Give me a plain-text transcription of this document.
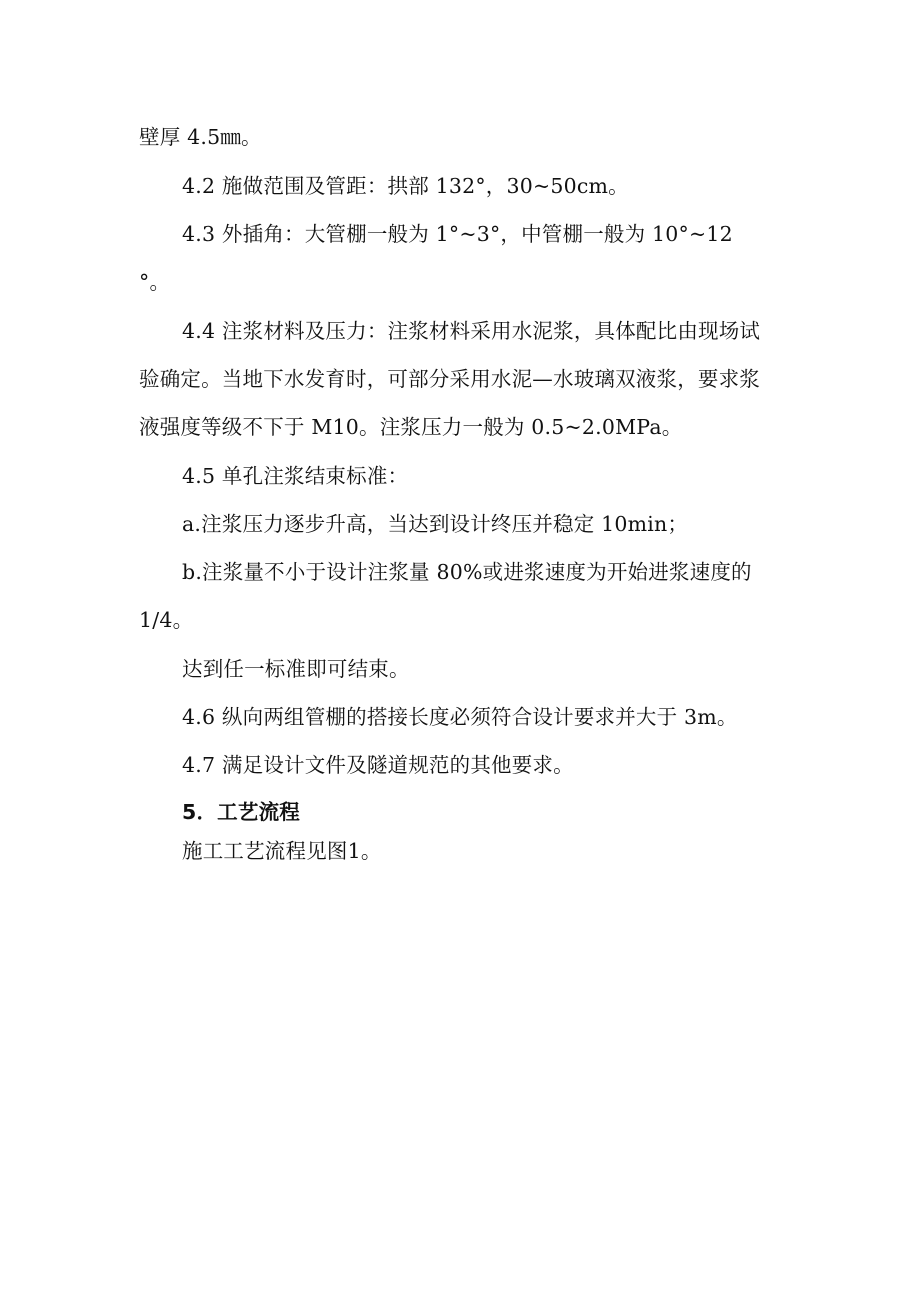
壁厚 4.5㎜。
4.2 施做范围及管距：拱部 132°，30~50cm。
4.3 外插角：大管棚一般为 1°~3°，中管棚一般为 10°~12
°。
4.4 注浆材料及压力：注浆材料采用水泥浆，具体配比由现场试
验确定。当地下水发育时，可部分采用水泥—水玻璃双液浆，要求浆
液强度等级不下于 M10。注浆压力一般为 0.5~2.0MPa。
4.5 单孔注浆结束标准：
a.注浆压力逐步升高，当达到设计终压并稳定 10min；
b.注浆量不小于设计注浆量 80%或进浆速度为开始进浆速度的
1/4。
达到任一标准即可结束。
4.6 纵向两组管棚的搭接长度必须符合设计要求并大于 3m。
4.7 满足设计文件及隧道规范的其他要求。
5．工艺流程
施工工艺流程见图1。
